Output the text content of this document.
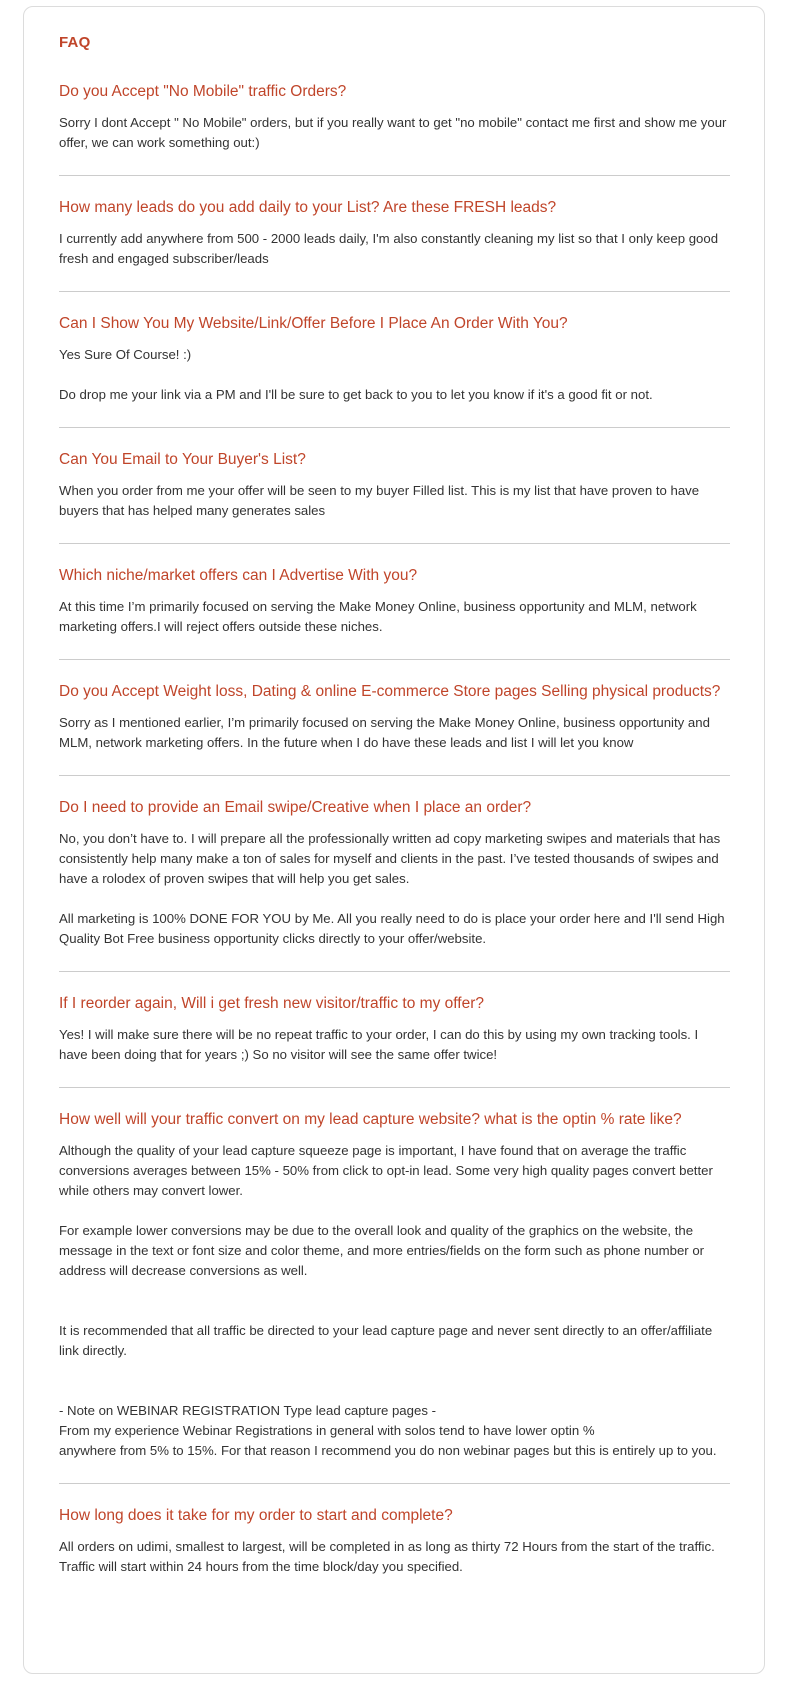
FAQ
Do you Accept "No Mobile" traffic Orders?

Sorry I dont Accept " No Mobile" orders, but if you really want to get "no mobile" contact me first and show me your offer, we can work something out:)

How many leads do you add daily to your List? Are these FRESH leads?

I currently add anywhere from 500 - 2000 leads daily, I'm also constantly cleaning my list so that I only keep good fresh and engaged subscriber/leads

Can I Show You My Website/Link/Offer Before I Place An Order With You?

Yes Sure Of Course! :)

Do drop me your link via a PM and I'll be sure to get back to you to let you know if it's a good fit or not.

Can You Email to Your Buyer's List?

When you order from me your offer will be seen to my buyer Filled list. This is my list that have proven to have buyers that has helped many generates sales

Which niche/market offers can I Advertise With you?

At this time I’m primarily focused on serving the Make Money Online, business opportunity and MLM, network marketing offers.I will reject offers outside these niches.

Do you Accept Weight loss, Dating & online E-commerce Store pages Selling physical products?

Sorry as I mentioned earlier, I’m primarily focused on serving the Make Money Online, business opportunity and MLM, network marketing offers. In the future when I do have these leads and list I will let you know

Do I need to provide an Email swipe/Creative when I place an order?

No, you don’t have to. I will prepare all the professionally written ad copy marketing swipes and materials that has consistently help many make a ton of sales for myself and clients in the past. I’ve tested thousands of swipes and have a rolodex of proven swipes that will help you get sales.

All marketing is 100% DONE FOR YOU by Me. All you really need to do is place your order here and I'll send High Quality Bot Free business opportunity clicks directly to your offer/website.

If I reorder again, Will i get fresh new visitor/traffic to my offer?

Yes! I will make sure there will be no repeat traffic to your order, I can do this by using my own tracking tools. I have been doing that for years ;) So no visitor will see the same offer twice!

How well will your traffic convert on my lead capture website? what is the optin % rate like?

Although the quality of your lead capture squeeze page is important, I have found that on average the traffic conversions averages between 15% - 50% from click to opt-in lead. Some very high quality pages convert better while others may convert lower.

For example lower conversions may be due to the overall look and quality of the graphics on the website, the message in the text or font size and color theme, and more entries/fields on the form such as phone number or address will decrease conversions as well.

It is recommended that all traffic be directed to your lead capture page and never sent directly to an offer/affiliate link directly.

- Note on WEBINAR REGISTRATION Type lead capture pages -

From my experience Webinar Registrations in general with solos tend to have lower optin %

anywhere from 5% to 15%. For that reason I recommend you do non webinar pages but this is entirely up to you.

How long does it take for my order to start and complete?

All orders on udimi, smallest to largest, will be completed in as long as thirty 72 Hours from the start of the traffic. Traffic will start within 24 hours from the time block/day you specified.
